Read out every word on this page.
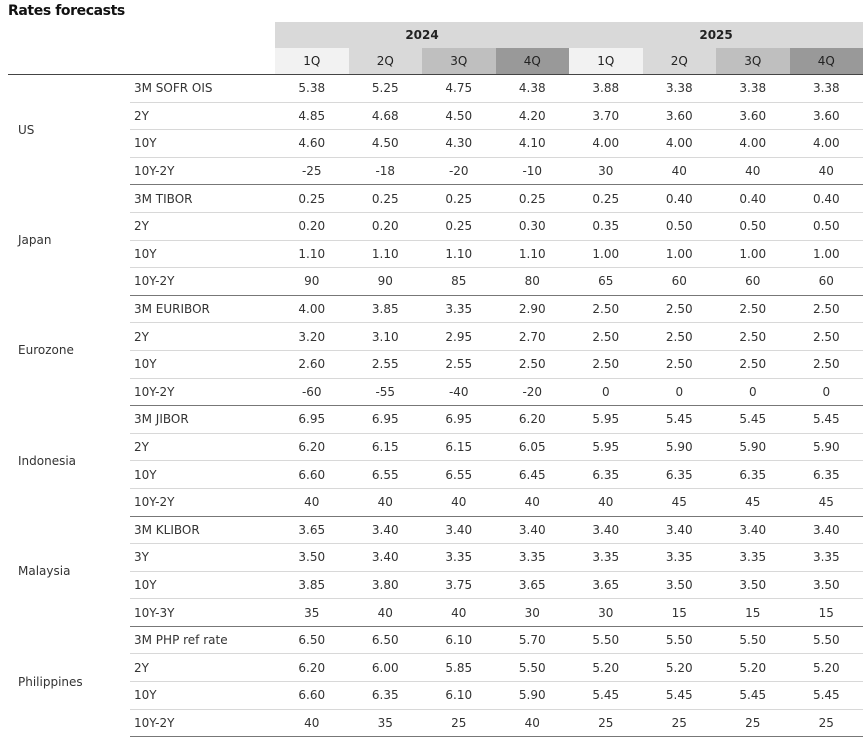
Rates forecasts
		2024				2025			
		1Q	2Q	3Q	4Q	1Q	2Q	3Q	4Q
US	3M SOFR OIS	5.38	5.25	4.75	4.38	3.88	3.38	3.38	3.38
	2Y	4.85	4.68	4.50	4.20	3.70	3.60	3.60	3.60
	10Y	4.60	4.50	4.30	4.10	4.00	4.00	4.00	4.00
	10Y-2Y	-25	-18	-20	-10	30	40	40	40
Japan	3M TIBOR	0.25	0.25	0.25	0.25	0.25	0.40	0.40	0.40
	2Y	0.20	0.20	0.25	0.30	0.35	0.50	0.50	0.50
	10Y	1.10	1.10	1.10	1.10	1.00	1.00	1.00	1.00
	10Y-2Y	90	90	85	80	65	60	60	60
Eurozone	3M EURIBOR	4.00	3.85	3.35	2.90	2.50	2.50	2.50	2.50
	2Y	3.20	3.10	2.95	2.70	2.50	2.50	2.50	2.50
	10Y	2.60	2.55	2.55	2.50	2.50	2.50	2.50	2.50
	10Y-2Y	-60	-55	-40	-20	0	0	0	0
Indonesia	3M JIBOR	6.95	6.95	6.95	6.20	5.95	5.45	5.45	5.45
	2Y	6.20	6.15	6.15	6.05	5.95	5.90	5.90	5.90
	10Y	6.60	6.55	6.55	6.45	6.35	6.35	6.35	6.35
	10Y-2Y	40	40	40	40	40	45	45	45
Malaysia	3M KLIBOR	3.65	3.40	3.40	3.40	3.40	3.40	3.40	3.40
	3Y	3.50	3.40	3.35	3.35	3.35	3.35	3.35	3.35
	10Y	3.85	3.80	3.75	3.65	3.65	3.50	3.50	3.50
	10Y-3Y	35	40	40	30	30	15	15	15
Philippines	3M PHP ref rate	6.50	6.50	6.10	5.70	5.50	5.50	5.50	5.50
	2Y	6.20	6.00	5.85	5.50	5.20	5.20	5.20	5.20
	10Y	6.60	6.35	6.10	5.90	5.45	5.45	5.45	5.45
	10Y-2Y	40	35	25	40	25	25	25	25
